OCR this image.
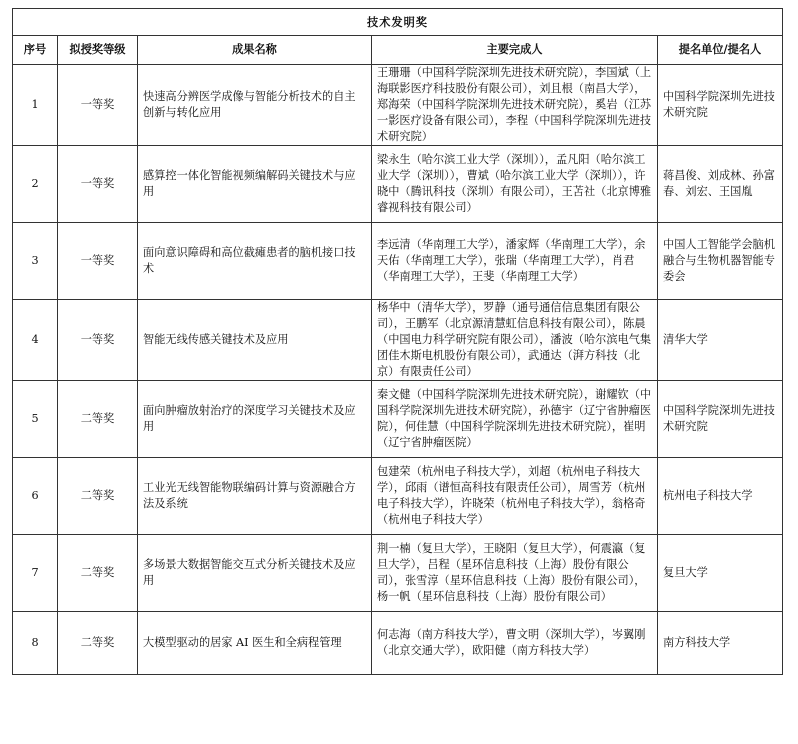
技术发明奖				
序号	拟授奖等级	成果名称	主要完成人	提名单位/提名人
1	一等奖	快速高分辨医学成像与智能分析技术的自主创新与转化应用	王珊珊（中国科学院深圳先进技术研究院），李国斌（上海联影医疗科技股份有限公司），刘且根（南昌大学），郑海荣（中国科学院深圳先进技术研究院），奚岩（江苏一影医疗设备有限公司），李程（中国科学院深圳先进技术研究院）	中国科学院深圳先进技术研究院
2	一等奖	感算控一体化智能视频编解码关键技术与应用	梁永生（哈尔滨工业大学（深圳）），孟凡阳（哈尔滨工业大学（深圳）），曹斌（哈尔滨工业大学（深圳）），许晓中（腾讯科技（深圳）有限公司），王苫社（北京博雅睿视科技有限公司）	蒋昌俊、刘成林、孙富春、刘宏、王国胤
3	一等奖	面向意识障碍和高位截瘫患者的脑机接口技术	李远清（华南理工大学），潘家辉（华南理工大学），余天佑（华南理工大学），张瑞（华南理工大学），肖君（华南理工大学），王斐（华南理工大学）	中国人工智能学会脑机融合与生物机器智能专委会
4	一等奖	智能无线传感关键技术及应用	杨华中（清华大学），罗静（通号通信信息集团有限公司），王鹏军（北京源清慧虹信息科技有限公司），陈晨（中国电力科学研究院有限公司），潘波（哈尔滨电气集团佳木斯电机股份有限公司），武通达（湃方科技（北京）有限责任公司）	清华大学
5	二等奖	面向肿瘤放射治疗的深度学习关键技术及应用	秦文健（中国科学院深圳先进技术研究院），谢耀钦（中国科学院深圳先进技术研究院），孙德宇（辽宁省肿瘤医院），何佳慧（中国科学院深圳先进技术研究院），崔明（辽宁省肿瘤医院）	中国科学院深圳先进技术研究院
6	二等奖	工业光无线智能物联编码计算与资源融合方法及系统	包建荣（杭州电子科技大学），刘超（杭州电子科技大学），邱雨（谱恒高科技有限责任公司），周雪芳（杭州电子科技大学），许晓荣（杭州电子科技大学），翁格奇（杭州电子科技大学）	杭州电子科技大学
7	二等奖	多场景大数据智能交互式分析关键技术及应用	荆一楠（复旦大学），王晓阳（复旦大学），何震瀛（复旦大学），吕程（星环信息科技（上海）股份有限公司），张雪淳（星环信息科技（上海）股份有限公司），杨一帆（星环信息科技（上海）股份有限公司）	复旦大学
8	二等奖	大模型驱动的居家 AI 医生和全病程管理	何志海（南方科技大学），曹文明（深圳大学），岑翼刚（北京交通大学），欧阳健（南方科技大学）	南方科技大学
